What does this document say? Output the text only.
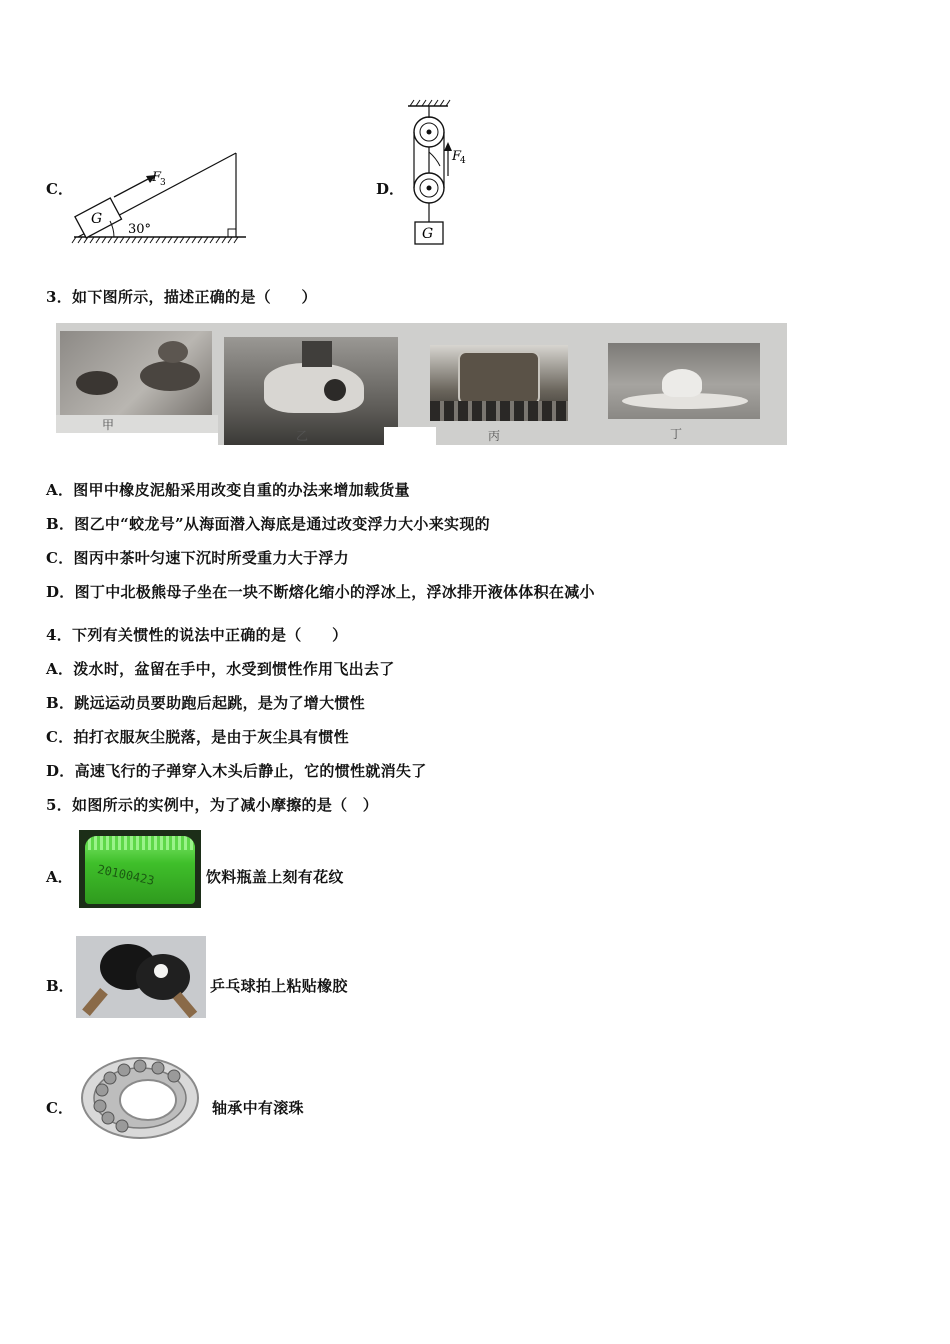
C．
G
F
3
30°
D．
F
4
G
3．如下图所示，描述正确的是（　　）
甲
乙	丙	丁
A．图甲中橡皮泥船采用改变自重的办法来增加载货量
B．图乙中“蛟龙号”从海面潜入海底是通过改变浮力大小来实现的
C．图丙中茶叶匀速下沉时所受重力大于浮力
D．图丁中北极熊母子坐在一块不断熔化缩小的浮冰上，浮冰排开液体体积在减小
4．下列有关惯性的说法中正确的是（　　）
A．泼水时，盆留在手中，水受到惯性作用飞出去了
B．跳远运动员要助跑后起跳，是为了增大惯性
C．拍打衣服灰尘脱落，是由于灰尘具有惯性
D．高速飞行的子弹穿入木头后静止，它的惯性就消失了
5．如图所示的实例中，为了减小摩擦的是（　）
A． 20100423	饮料瓶盖上刻有花纹
B．	乒乓球拍上粘贴橡胶
C．	轴承中有滚珠
